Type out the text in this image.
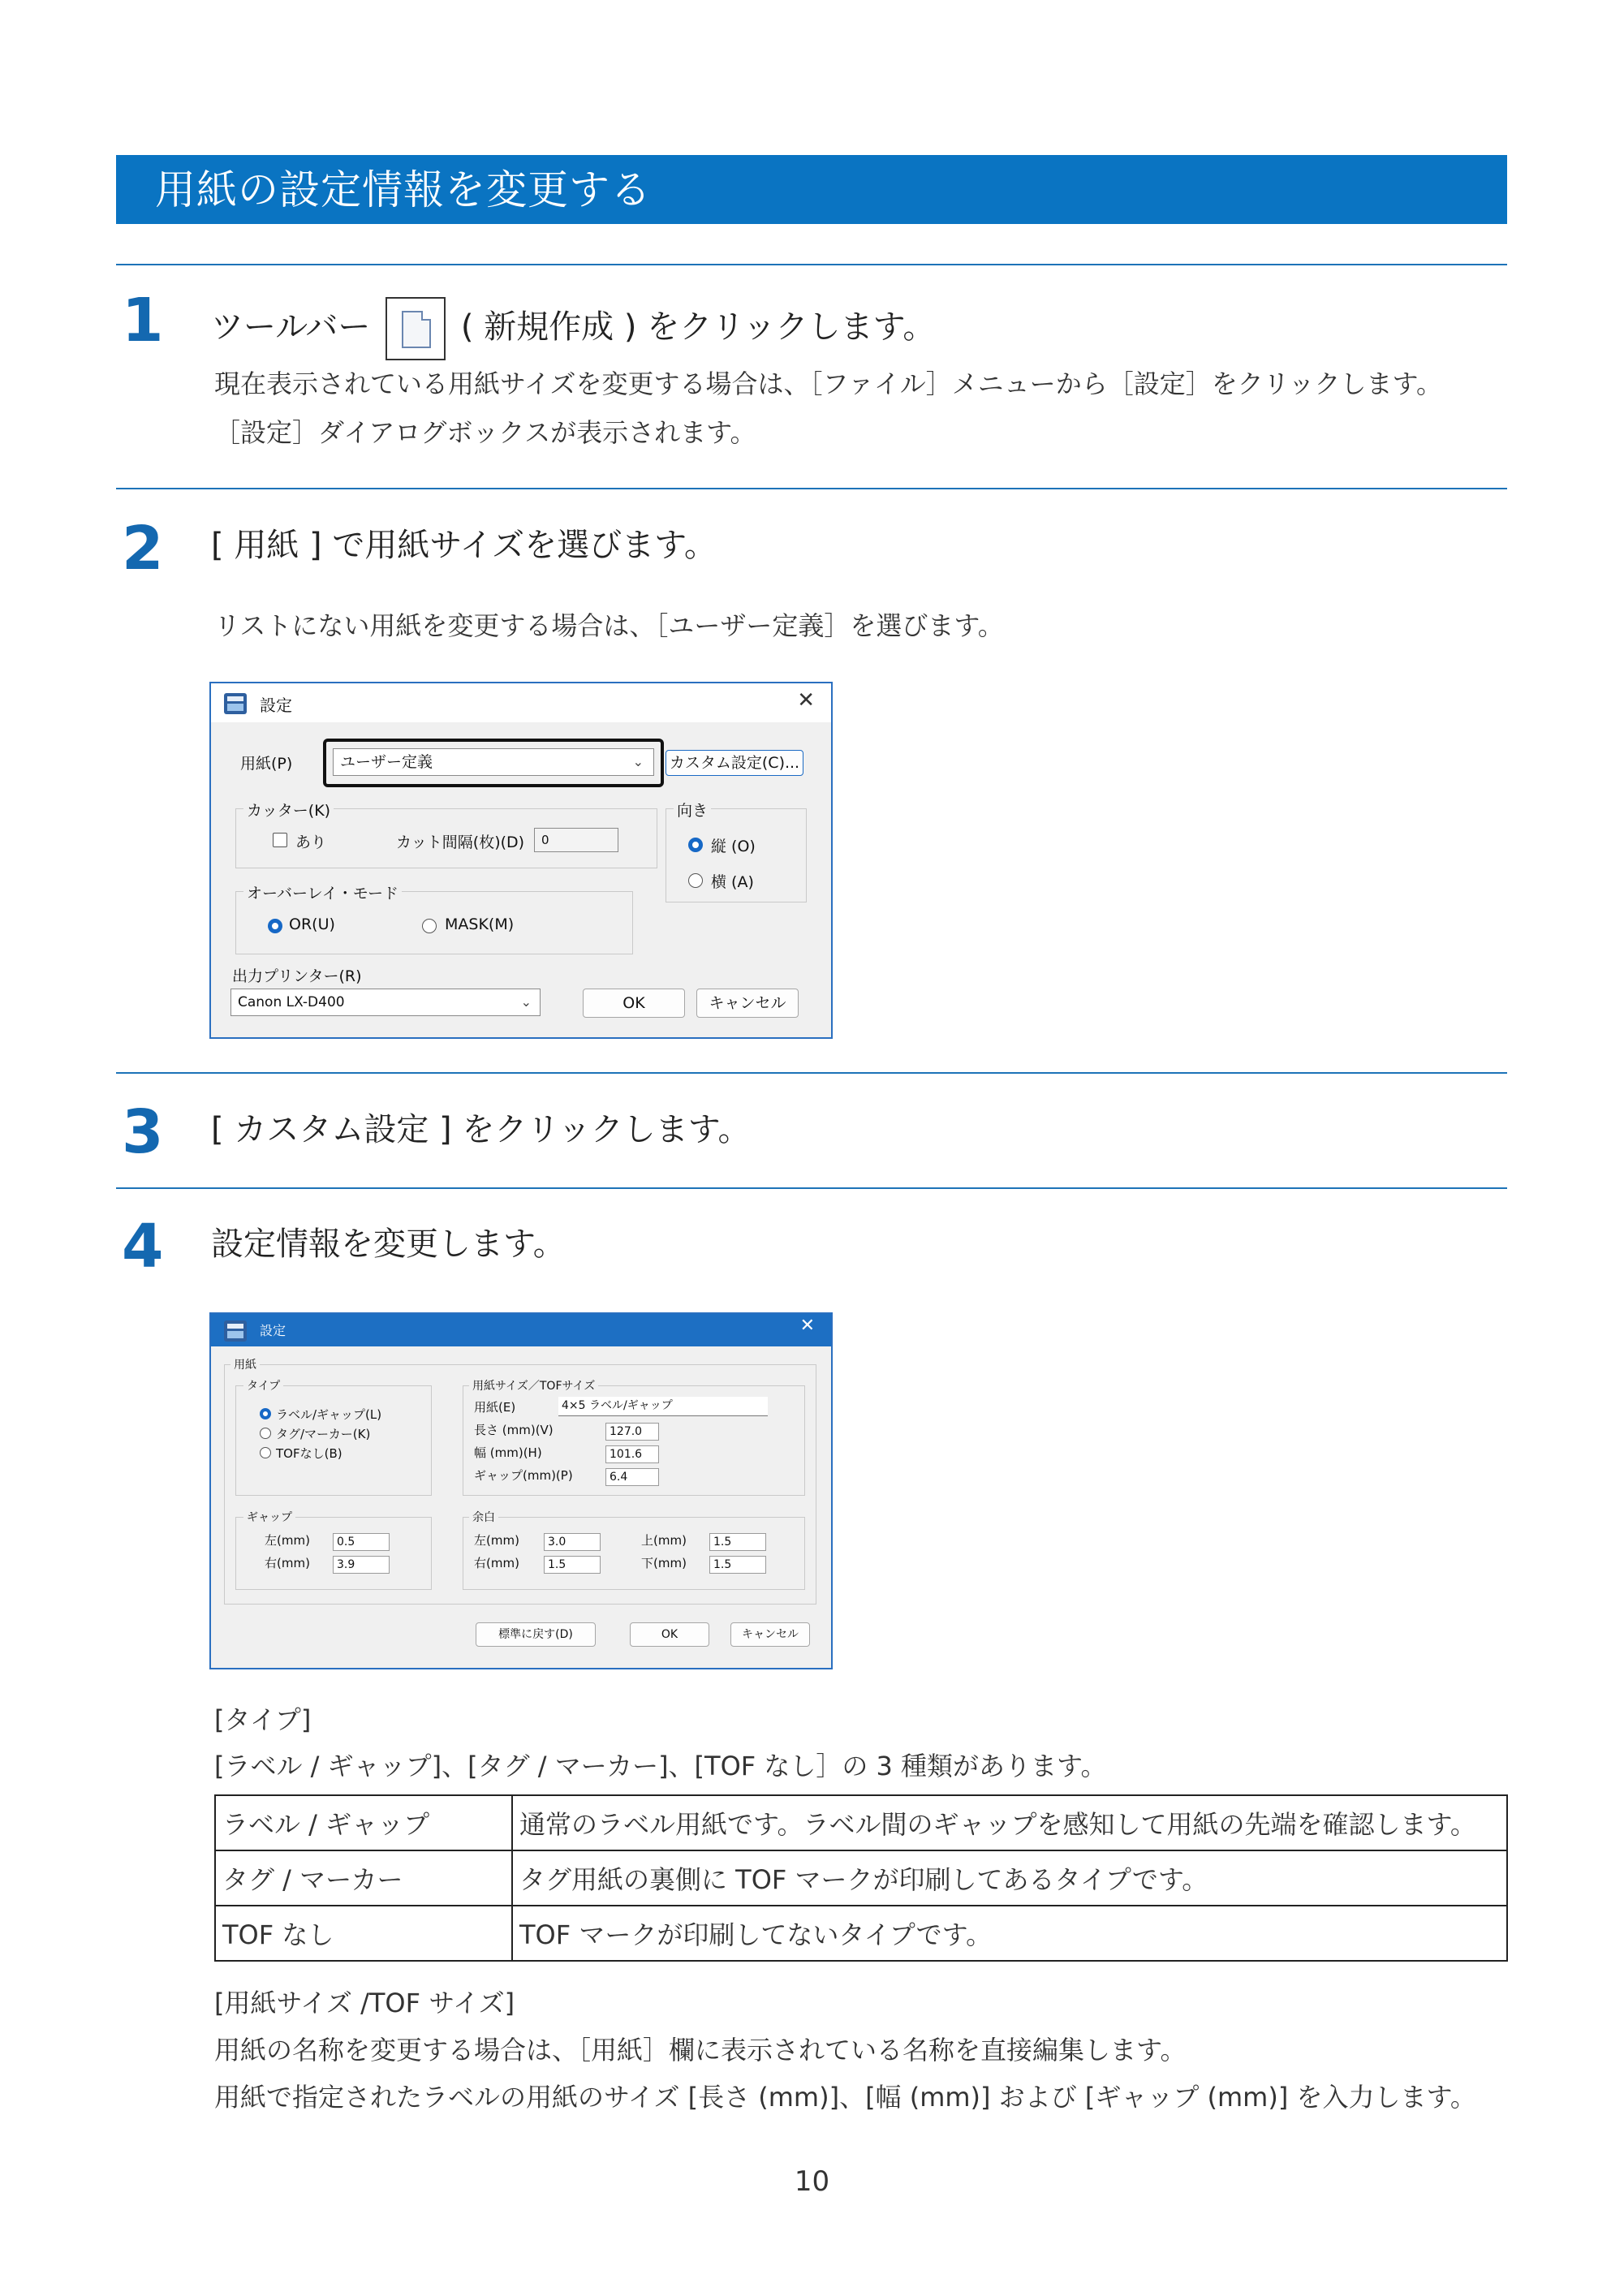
用紙の設定情報を変更する
1 ツールバー	( 新規作成 ) をクリックします。
現在表示されている用紙サイズを変更する場合は、［ファイル］メニューから［設定］をクリックします。
［設定］ダイアログボックスが表示されます。
2 [ 用紙 ] で用紙サイズを選びます。
リストにない用紙を変更する場合は、［ユーザー定義］を選びます。
設定	✕
用紙(P)	ユーザー定義	⌄ カスタム設定(C)...
カッター(K)
あり	カット間隔(枚)(D)	0
向き
縦 (O)
横 (A)
オーバーレイ・モード
OR(U)	MASK(M)
出力プリンター(R)
Canon LX-D400	⌄	OK	キャンセル
3 [ カスタム設定 ] をクリックします。
4 設定情報を変更します。
設定	✕
用紙
タイプ
ラベル/ギャップ(L)
タグ/マーカー(K)
TOFなし(B)
用紙サイズ／TOFサイズ
用紙(E)	4×5 ラベル/ギャップ
長さ (mm)(V)	127.0
幅 (mm)(H)	101.6
ギャップ(mm)(P)	6.4
ギャップ
左(mm)	0.5
右(mm)	3.9
余白
左(mm)	3.0
右(mm)	1.5
上(mm)	1.5
下(mm)	1.5
標準に戻す(D)	OK	キャンセル
[タイプ]
[ラベル / ギャップ]、[タグ / マーカー]、[TOF なし］の 3 種類があります。
ラベル / ギャップ	通常のラベル用紙です。ラベル間のギャップを感知して用紙の先端を確認します。
タグ / マーカー	タグ用紙の裏側に TOF マークが印刷してあるタイプです。
TOF なし	TOF マークが印刷してないタイプです。
[用紙サイズ /TOF サイズ]
用紙の名称を変更する場合は、［用紙］欄に表示されている名称を直接編集します。
用紙で指定されたラベルの用紙のサイズ [長さ (mm)]、[幅 (mm)] および [ギャップ (mm)] を入力します。
10
